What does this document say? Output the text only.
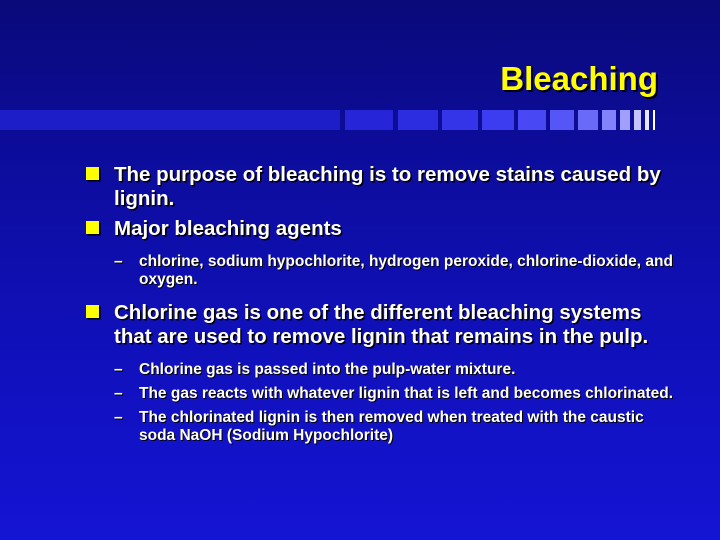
Bleaching
The purpose of bleaching is to remove stains caused by lignin.
Major bleaching agents
– chlorine, sodium hypochlorite, hydrogen peroxide, chlorine-dioxide, and oxygen.
Chlorine gas is one of the different bleaching systems that are used to remove lignin that remains in the pulp.
– Chlorine gas is passed into the pulp-water mixture.
– The gas reacts with whatever lignin that is left and becomes chlorinated.
– The chlorinated lignin is then removed when treated with the caustic soda NaOH (Sodium Hypochlorite)
